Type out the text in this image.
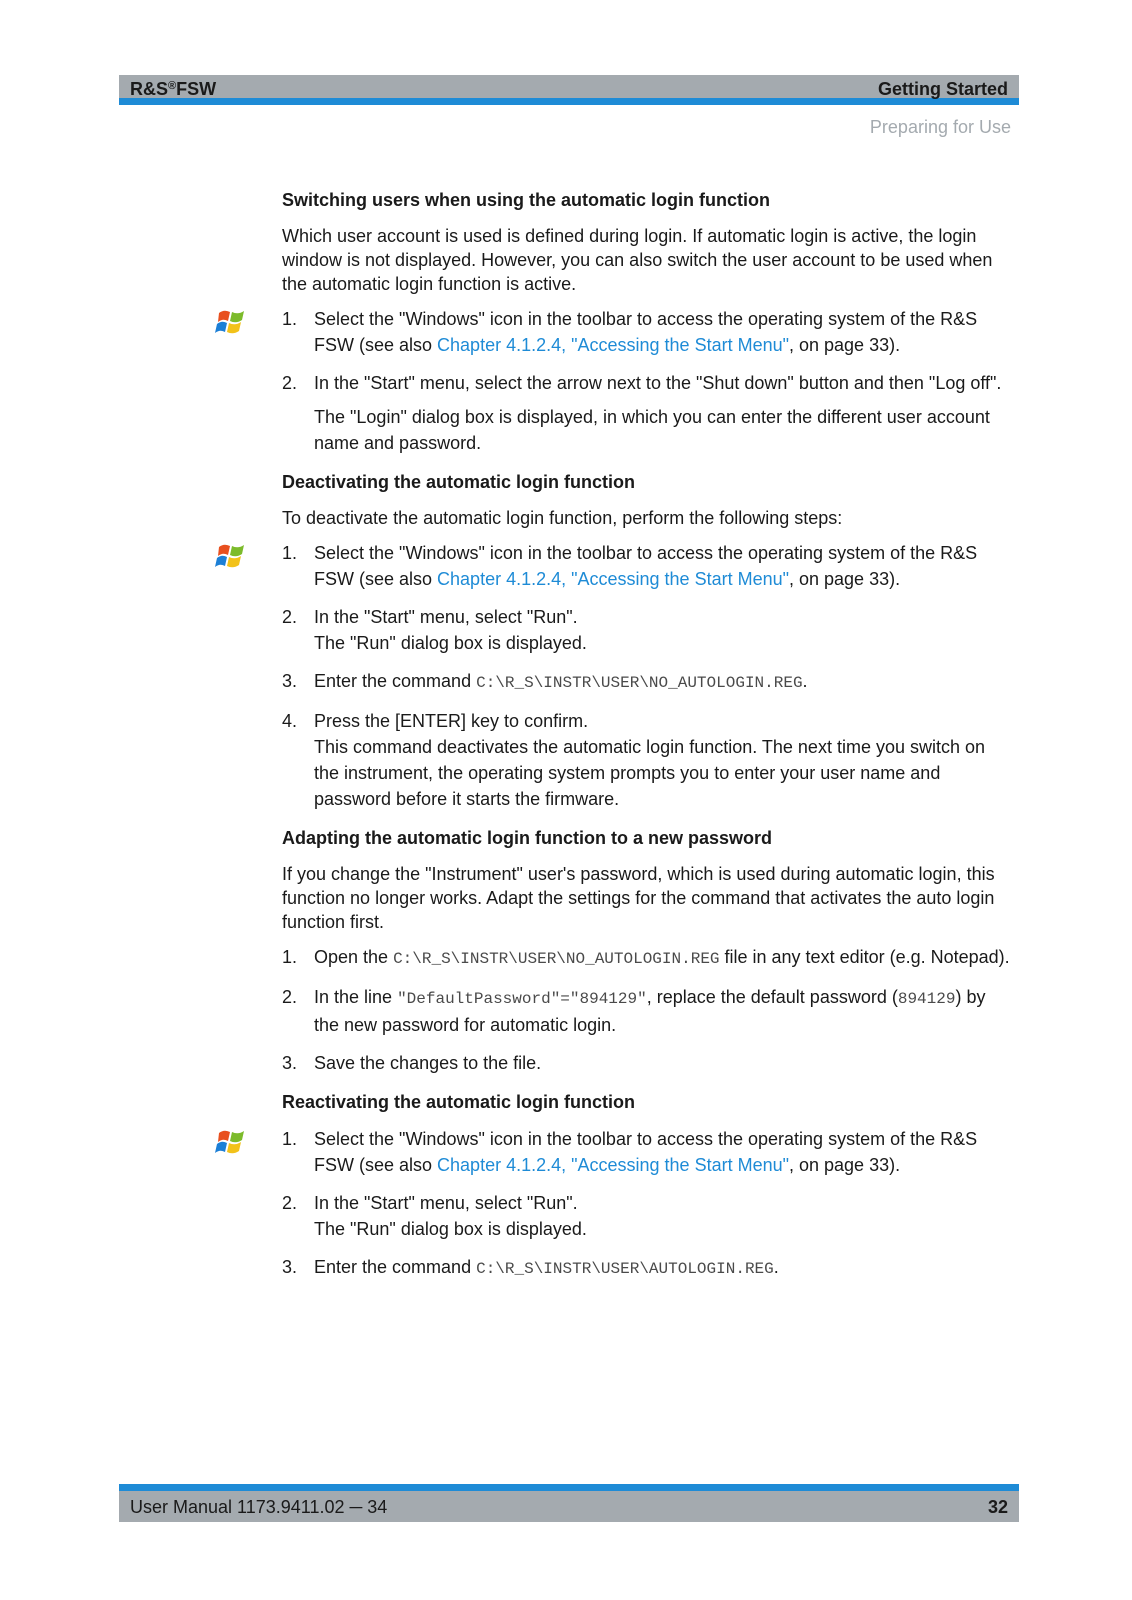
R&S®FSW	Getting Started
Preparing for Use
Switching users when using the automatic login function

Which user account is used is defined during login. If automatic login is active, the login window is not displayed. However, you can also switch the user account to be used when the automatic login function is active.

1. Select the "Windows" icon in the toolbar to access the operating system of the R&S FSW (see also Chapter 4.1.2.4, "Accessing the Start Menu", on page 33).
2. In the "Start" menu, select the arrow next to the "Shut down" button and then "Log off".
The "Login" dialog box is displayed, in which you can enter the different user account name and password.
Deactivating the automatic login function

To deactivate the automatic login function, perform the following steps:

1. Select the "Windows" icon in the toolbar to access the operating system of the R&S FSW (see also Chapter 4.1.2.4, "Accessing the Start Menu", on page 33).
2. In the "Start" menu, select "Run".
The "Run" dialog box is displayed.
3. Enter the command C:\R_S\INSTR\USER\NO_AUTOLOGIN.REG.
4. Press the [ENTER] key to confirm.
This command deactivates the automatic login function. The next time you switch on the instrument, the operating system prompts you to enter your user name and password before it starts the firmware.
Adapting the automatic login function to a new password

If you change the "Instrument" user's password, which is used during automatic login, this function no longer works. Adapt the settings for the command that activates the auto login function first.

1. Open the C:\R_S\INSTR\USER\NO_AUTOLOGIN.REG file in any text editor (e.g. Notepad).
2. In the line "DefaultPassword"="894129", replace the default password (894129) by the new password for automatic login.
3. Save the changes to the file.
Reactivating the automatic login function
1. Select the "Windows" icon in the toolbar to access the operating system of the R&S FSW (see also Chapter 4.1.2.4, "Accessing the Start Menu", on page 33).
2. In the "Start" menu, select "Run".
The "Run" dialog box is displayed.
3. Enter the command C:\R_S\INSTR\USER\AUTOLOGIN.REG.
User Manual 1173.9411.02 ─ 34	32
